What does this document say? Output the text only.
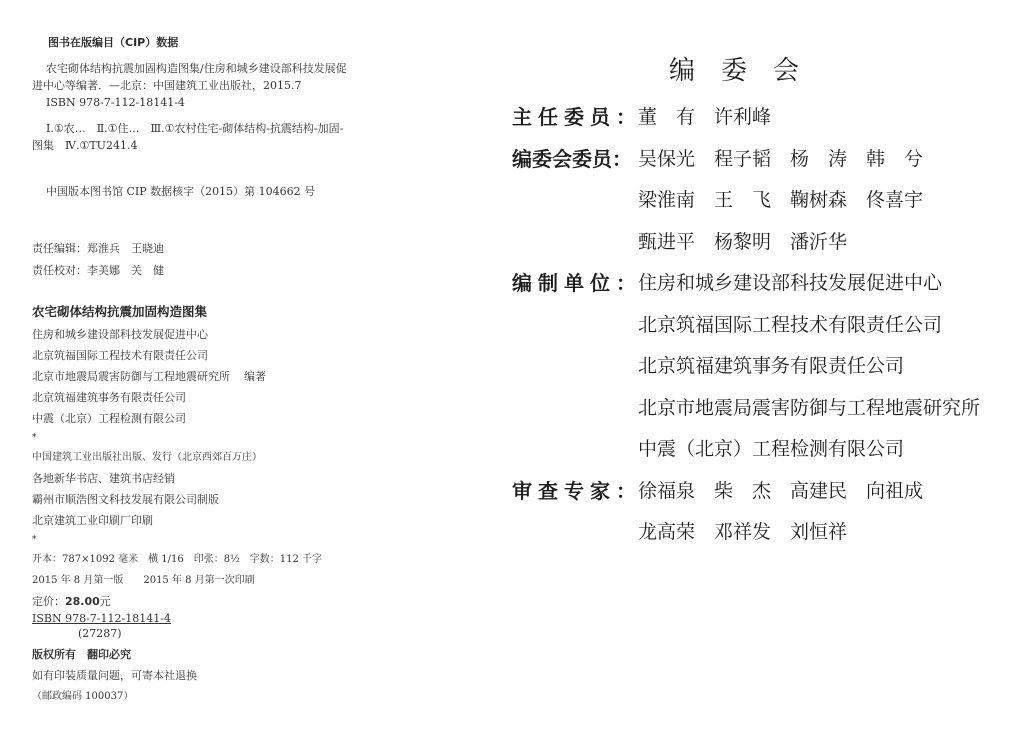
图书在版编目（CIP）数据

农宅砌体结构抗震加固构造图集/住房和城乡建设部科技发展促进中心等编著．—北京：中国建筑工业出版社，2015.7

ISBN 978-7-112-18141-4

Ⅰ.①农…　Ⅱ.①住…　Ⅲ.①农村住宅-砌体结构-抗震结构-加固-图集　Ⅳ.①TU241.4

中国版本图书馆 CIP 数据核字（2015）第 104662 号
责任编辑：郑淮兵　王晓迪
责任校对：李美娜　关　健
农宅砌体结构抗震加固构造图集
住房和城乡建设部科技发展促进中心
北京筑福国际工程技术有限责任公司
北京市地震局震害防御与工程地震研究所 编著
北京筑福建筑事务有限责任公司
中震（北京）工程检测有限公司
*
中国建筑工业出版社出版、发行（北京西郊百万庄）
各地新华书店、建筑书店经销
霸州市顺浩图文科技发展有限公司制版
北京建筑工业印刷厂印刷
*
开本：787×1092 毫米　横 1/16　印张：8½　字数：112 千字
2015 年 8 月第一版　　2015 年 8 月第一次印刷
定价：28.00元
ISBN 978-7-112-18141-4
(27287)
版权所有　翻印必究
如有印装质量问题，可寄本社退换
（邮政编码 100037）
编委会
主任委员：
董　有　许利峰
编委会委员： 吴保光　程子韬　杨　涛　韩　兮
梁淮南　王　飞　鞠树森　佟喜宇
甄进平　杨黎明　潘沂华
编制单位：
住房和城乡建设部科技发展促进中心
北京筑福国际工程技术有限责任公司
北京筑福建筑事务有限责任公司
北京市地震局震害防御与工程地震研究所
中震（北京）工程检测有限公司
审查专家：
徐福泉　柴　杰　高建民　向祖成
龙高荣　邓祥发　刘恒祥
